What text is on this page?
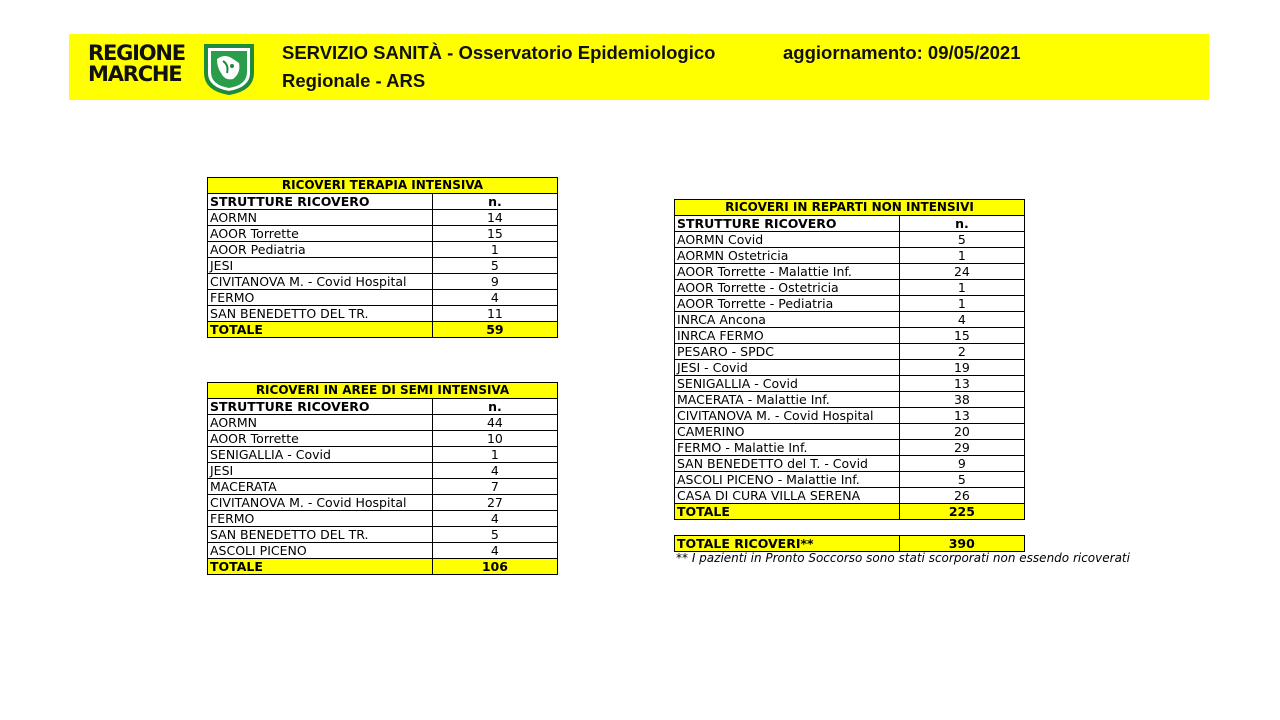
REGIONE
MARCHE
SERVIZIO SANITÀ - Osservatorio Epidemiologico
Regionale - ARS
aggiornamento: 09/05/2021
RICOVERI TERAPIA INTENSIVA	
STRUTTURE RICOVERO	n.
AORMN	14
AOOR Torrette	15
AOOR Pediatria	1
JESI	5
CIVITANOVA M. - Covid Hospital	9
FERMO	4
SAN BENEDETTO DEL TR.	11
TOTALE	59
RICOVERI IN AREE DI SEMI INTENSIVA	
STRUTTURE RICOVERO	n.
AORMN	44
AOOR Torrette	10
SENIGALLIA - Covid	1
JESI	4
MACERATA	7
CIVITANOVA M. - Covid Hospital	27
FERMO	4
SAN BENEDETTO DEL TR.	5
ASCOLI PICENO	4
TOTALE	106
RICOVERI IN REPARTI NON INTENSIVI	
STRUTTURE RICOVERO	n.
AORMN Covid	5
AORMN Ostetricia	1
AOOR Torrette - Malattie Inf.	24
AOOR Torrette - Ostetricia	1
AOOR Torrette - Pediatria	1
INRCA Ancona	4
INRCA FERMO	15
PESARO - SPDC	2
JESI - Covid	19
SENIGALLIA - Covid	13
MACERATA - Malattie Inf.	38
CIVITANOVA M. - Covid Hospital	13
CAMERINO	20
FERMO - Malattie Inf.	29
SAN BENEDETTO del T. - Covid	9
ASCOLI PICENO - Malattie Inf.	5
CASA DI CURA VILLA SERENA	26
TOTALE	225
TOTALE RICOVERI**	390
** I pazienti in Pronto Soccorso sono stati scorporati non essendo ricoverati
